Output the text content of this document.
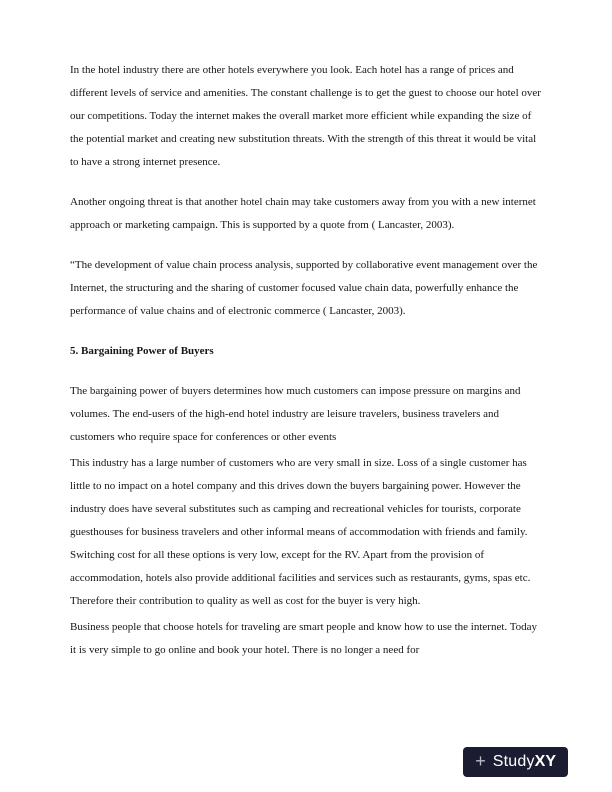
In the hotel industry there are other hotels everywhere you look. Each hotel has a range of prices and different levels of service and amenities. The constant challenge is to get the guest to choose our hotel over our competitions. Today the internet makes the overall market more efficient while expanding the size of the potential market and creating new substitution threats. With the strength of this threat it would be vital to have a strong internet presence.

Another ongoing threat is that another hotel chain may take customers away from you with a new internet approach or marketing campaign. This is supported by a quote from ( Lancaster, 2003).

“The development of value chain process analysis, supported by collaborative event management over the Internet, the structuring and the sharing of customer focused value chain data, powerfully enhance the performance of value chains and of electronic commerce ( Lancaster, 2003).

5. Bargaining Power of Buyers

The bargaining power of buyers determines how much customers can impose pressure on margins and volumes. The end-users of the high-end hotel industry are leisure travelers, business travelers and customers who require space for conferences or other events

This industry has a large number of customers who are very small in size. Loss of a single customer has little to no impact on a hotel company and this drives down the buyers bargaining power. However the industry does have several substitutes such as camping and recreational vehicles for tourists, corporate guesthouses for business travelers and other informal means of accommodation with friends and family. Switching cost for all these options is very low, except for the RV. Apart from the provision of accommodation, hotels also provide additional facilities and services such as restaurants, gyms, spas etc. Therefore their contribution to quality as well as cost for the buyer is very high.

Business people that choose hotels for traveling are smart people and know how to use the internet. Today it is very simple to go online and book your hotel. There is no longer a need for

+ StudyXY
